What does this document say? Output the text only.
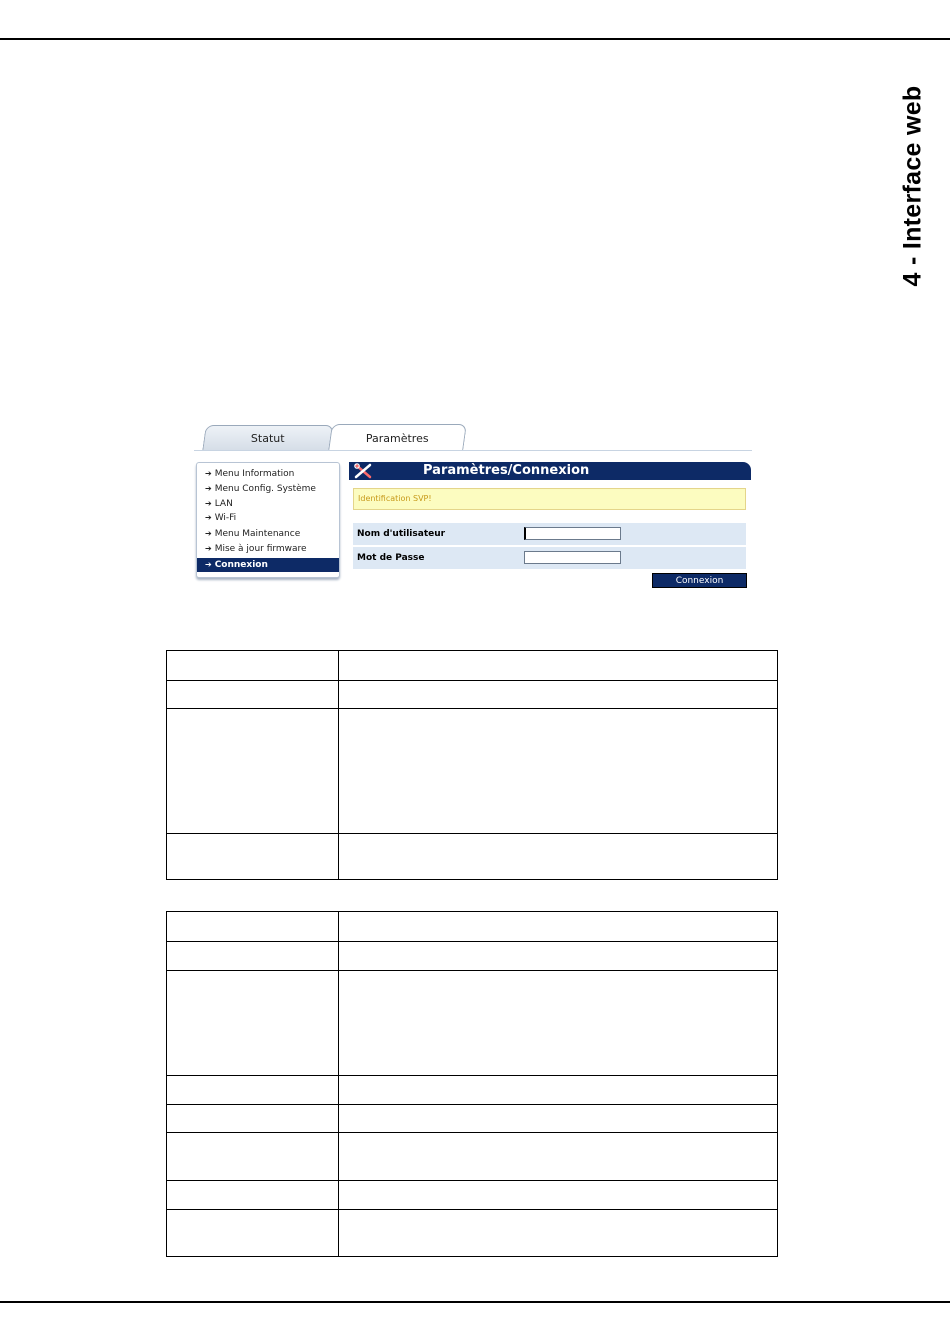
4 - Interface web
Statut	Paramètres
➔ Menu Information
➔ Menu Config. Système
➔ LAN
➔ Wi-Fi
➔ Menu Maintenance
➔ Mise à jour firmware
➔ Connexion
Paramètres/Connexion
Identification SVP!
Nom d'utilisateur
Mot de Passe
Connexion
